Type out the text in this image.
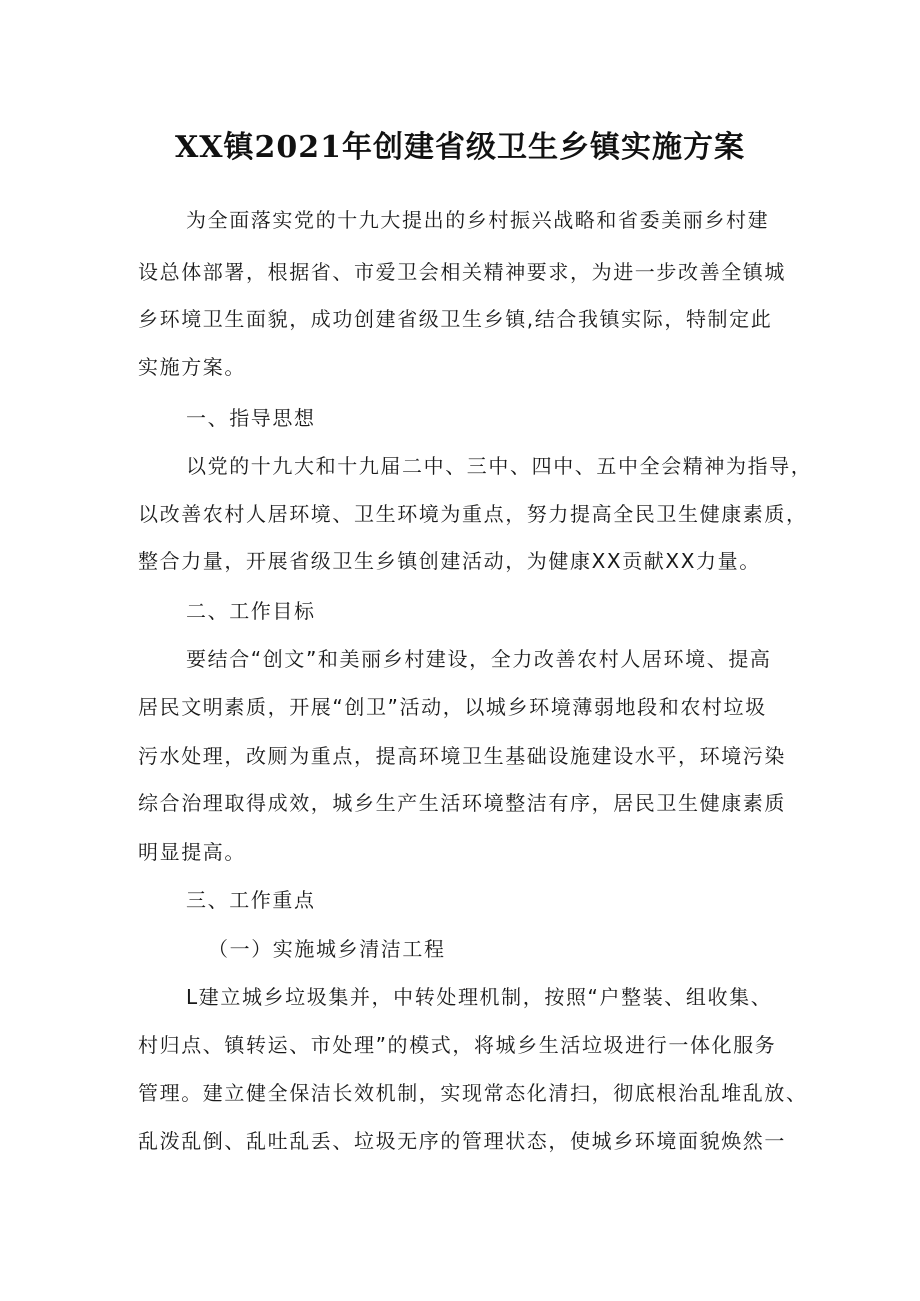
XX镇2021年创建省级卫生乡镇实施方案

为全面落实党的十九大提出的乡村振兴战略和省委美丽乡村建

设总体部署，根据省、市爱卫会相关精神要求，为进一步改善全镇城

乡环境卫生面貌，成功创建省级卫生乡镇,结合我镇实际，特制定此

实施方案。

一、指导思想

以党的十九大和十九届二中、三中、四中、五中全会精神为指导，

以改善农村人居环境、卫生环境为重点，努力提高全民卫生健康素质，

整合力量，开展省级卫生乡镇创建活动，为健康XX贡献XX力量。

二、工作目标

要结合“创文”和美丽乡村建设，全力改善农村人居环境、提高

居民文明素质，开展“创卫”活动，以城乡环境薄弱地段和农村垃圾

污水处理，改厕为重点，提高环境卫生基础设施建设水平，环境污染

综合治理取得成效，城乡生产生活环境整洁有序，居民卫生健康素质

明显提高。

三、工作重点

（一）实施城乡清洁工程

L建立城乡垃圾集并，中转处理机制，按照“户整装、组收集、

村归点、镇转运、市处理”的模式，将城乡生活垃圾进行一体化服务

管理。建立健全保洁长效机制，实现常态化清扫，彻底根治乱堆乱放、

乱泼乱倒、乱吐乱丢、垃圾无序的管理状态，使城乡环境面貌焕然一
